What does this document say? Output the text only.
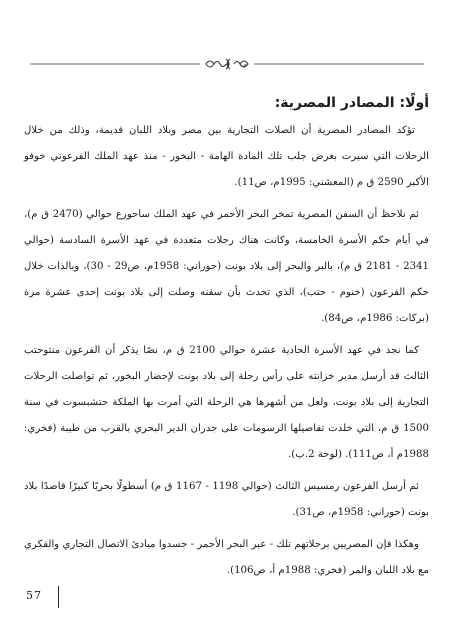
أولًا: المصادر المصرية:

تؤكد المصادر المصرية أن الصلات التجارية بين مصر وبلاد اللبان قديمة، وذلك من خلال الرحلات التي سيرت بغرض جلب تلك المادة الهامة - البخور - منذ عهد الملك الفرعوني خوفو الأكبر 2590 ق م (المعشني: 1995م، ص11).

ثم نلاحظ أن السفن المصرية تمخر البحر الأحمر في عهد الملك ساحورع حوالي (2470 ق م)، في أيام حكم الأسرة الخامسة، وكانت هناك رحلات متعددة في عهد الأسرة السادسة (حوالي 2341 - 2181 ق م)، بالبر والبحر إلى بلاد بونت (حوراني: 1958م، ص29 - 30)، وبالذات خلال حكم الفرعون (خنوم - حتب)، الذي تحدث بأن سفنه وصلت إلى بلاد بونت إحدى عشرة مرة (بركات: 1986م، ص84).

كما نجد في عهد الأسرة الحادية عشرة حوالي 2100 ق م، نصًا يذكر أن الفرعون منتوحتب الثالث قد أرسل مدير خزانته على رأس رحلة إلى بلاد بونت لإحضار البخور، ثم تواصلت الرحلات التجارية إلى بلاد بونت، ولعل من أشهرها هي الرحلة التي أمرت بها الملكة حتشبسوت في سنة 1500 ق م، التي خلدت تفاصيلها الرسومات على جدران الدير البحري بالقرب من طيبة (فخري: 1988م أ، ص111). (لوحة 2.ب).

ثم أرسل الفرعون رمسيس الثالث (حوالي 1198 - 1167 ق م) أسطولًا بحريًا كبيرًا قاصدًا بلاد بونت (حوراني: 1958م، ص31).

وهكذا فإن المصريين برحلاتهم تلك - عبر البحر الأحمر - جسدوا مبادئ الاتصال التجاري والفكري مع بلاد اللبان والمر (فخري: 1988م أ، ص106).

57
